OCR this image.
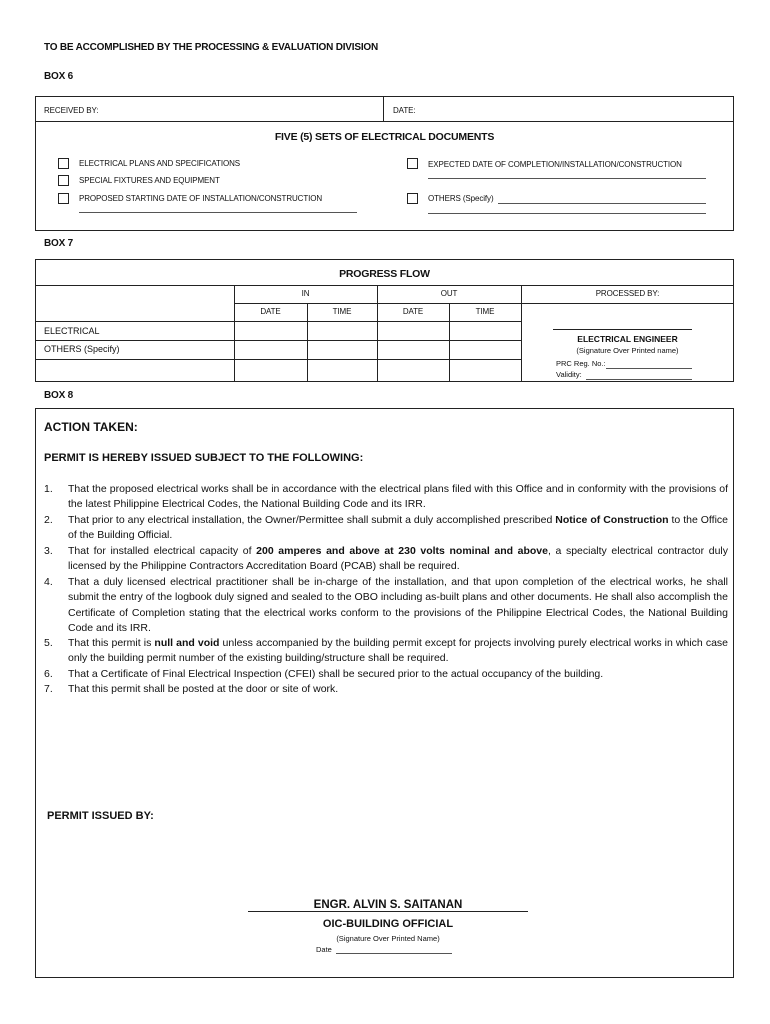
TO BE ACCOMPLISHED BY THE PROCESSING & EVALUATION DIVISION
BOX 6
RECEIVED BY:	DATE:
FIVE (5) SETS OF ELECTRICAL DOCUMENTS
ELECTRICAL PLANS AND SPECIFICATIONS
SPECIAL FIXTURES AND EQUIPMENT
PROPOSED STARTING DATE OF INSTALLATION/CONSTRUCTION
EXPECTED DATE OF COMPLETION/INSTALLATION/CONSTRUCTION
OTHERS (Specify)
BOX 7
PROGRESS FLOW
IN	OUT	PROCESSED BY:
DATE	TIME	DATE	TIME
ELECTRICAL
OTHERS (Specify)
ELECTRICAL ENGINEER
(Signature Over Printed name)
PRC Reg. No.:
Validity:
BOX 8
ACTION TAKEN:
PERMIT IS HEREBY ISSUED SUBJECT TO THE FOLLOWING:
1. That the proposed electrical works shall be in accordance with the electrical plans filed with this Office and in conformity with the provisions of the latest Philippine Electrical Codes, the National Building Code and its IRR.
2. That prior to any electrical installation, the Owner/Permittee shall submit a duly accomplished prescribed Notice of Construction to the Office of the Building Official.
3. That for installed electrical capacity of 200 amperes and above at 230 volts nominal and above, a specialty electrical contractor duly licensed by the Philippine Contractors Accreditation Board (PCAB) shall be required.
4. That a duly licensed electrical practitioner shall be in-charge of the installation, and that upon completion of the electrical works, he shall submit the entry of the logbook duly signed and sealed to the OBO including as-built plans and other documents. He shall also accomplish the Certificate of Completion stating that the electrical works conform to the provisions of the Philippine Electrical Codes, the National Building Code and its IRR.
5. That this permit is null and void unless accompanied by the building permit except for projects involving purely electrical works in which case only the building permit number of the existing building/structure shall be required.
6. That a Certificate of Final Electrical Inspection (CFEI) shall be secured prior to the actual occupancy of the building.
7. That this permit shall be posted at the door or site of work.
PERMIT ISSUED BY:
ENGR. ALVIN S. SAITANAN
OIC-BUILDING OFFICIAL
(Signature Over Printed Name)
Date
